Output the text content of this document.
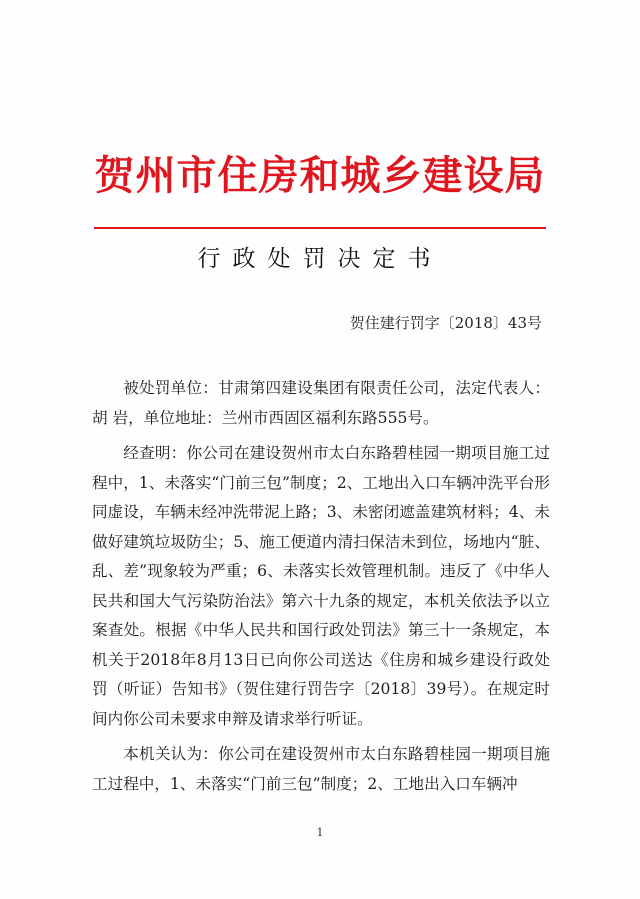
贺州市住房和城乡建设局
行政处罚决定书
贺住建行罚字〔2018〕43号

被处罚单位：甘肃第四建设集团有限责任公司，法定代表人：胡 岩，单位地址：兰州市西固区福利东路555号。

经查明：你公司在建设贺州市太白东路碧桂园一期项目施工过程中，1、未落实“门前三包”制度；2、工地出入口车辆冲洗平台形同虚设，车辆未经冲洗带泥上路；3、未密闭遮盖建筑材料；4、未做好建筑垃圾防尘；5、施工便道内清扫保洁未到位，场地内“脏、乱、差”现象较为严重；6、未落实长效管理机制。违反了《中华人民共和国大气污染防治法》第六十九条的规定，本机关依法予以立案查处。根据《中华人民共和国行政处罚法》第三十一条规定，本机关于2018年8月13日已向你公司送达《住房和城乡建设行政处罚（听证）告知书》（贺住建行罚告字〔2018〕39号）。在规定时间内你公司未要求申辩及请求举行听证。

本机关认为：你公司在建设贺州市太白东路碧桂园一期项目施工过程中，1、未落实“门前三包”制度；2、工地出入口车辆冲

1
